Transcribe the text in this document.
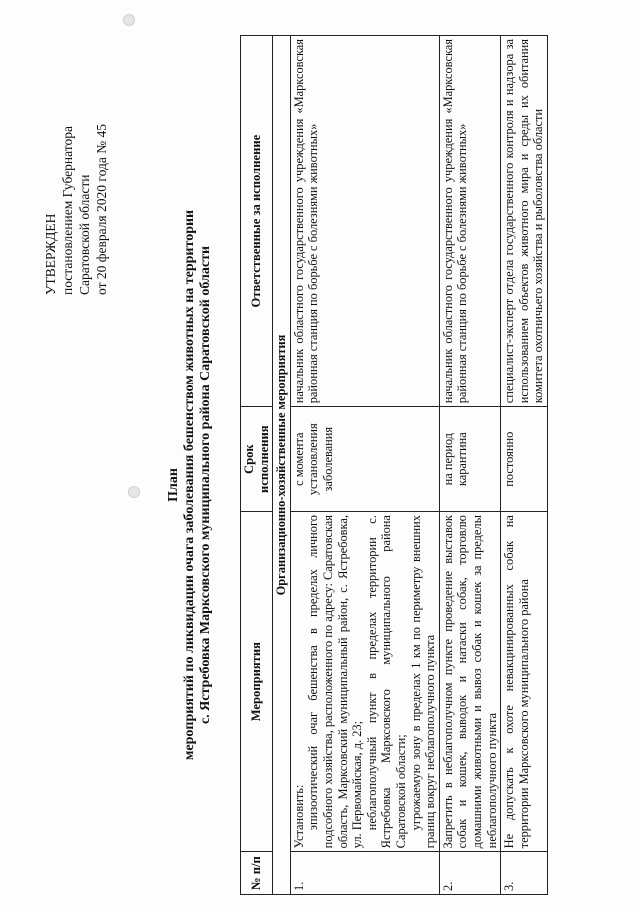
УТВЕРЖДЕН постановлением Губернатора Саратовской области от 20 февраля 2020 года № 45
План мероприятий по ликвидации очага заболевания бешенством животных на территории с. Ястребовка Марксовского муниципального района Саратовской области
№ п/п	Мероприятия	Срок исполнения	Ответственные за исполнение
Организационно-хозяйственные мероприятия			
1.	Установить: эпизоотический очаг бешенства в пределах личного подсобного хозяйства, расположенного по адресу: Саратовская область, Марксовский муниципальный район, с. Ястребовка, ул. Первомайская, д. 23; неблагополучный пункт в пределах территории с. Ястребовка Марксовского муниципального района Саратовской области; угрожаемую зону в пределах 1 км по периметру внешних границ вокруг неблагополучного пункта	с момента установления заболевания	начальник областного государственного учреждения «Марксовская районная станция по борьбе с болезнями животных»
2.	Запретить в неблагополучном пункте проведение выставок собак и кошек, выводок и натаски собак, торговлю домашними животными и вывоз собак и кошек за пределы неблагополучного пункта	на период карантина	начальник областного государственного учреждения «Марксовская районная станция по борьбе с болезнями животных»
3.	Не допускать к охоте невакцинированных собак на территории Марксовского муниципального района	постоянно	специалист-эксперт отдела государственного контроля и надзора за использованием объектов животного мира и среды их обитания комитета охотничьего хозяйства и рыболовства области
